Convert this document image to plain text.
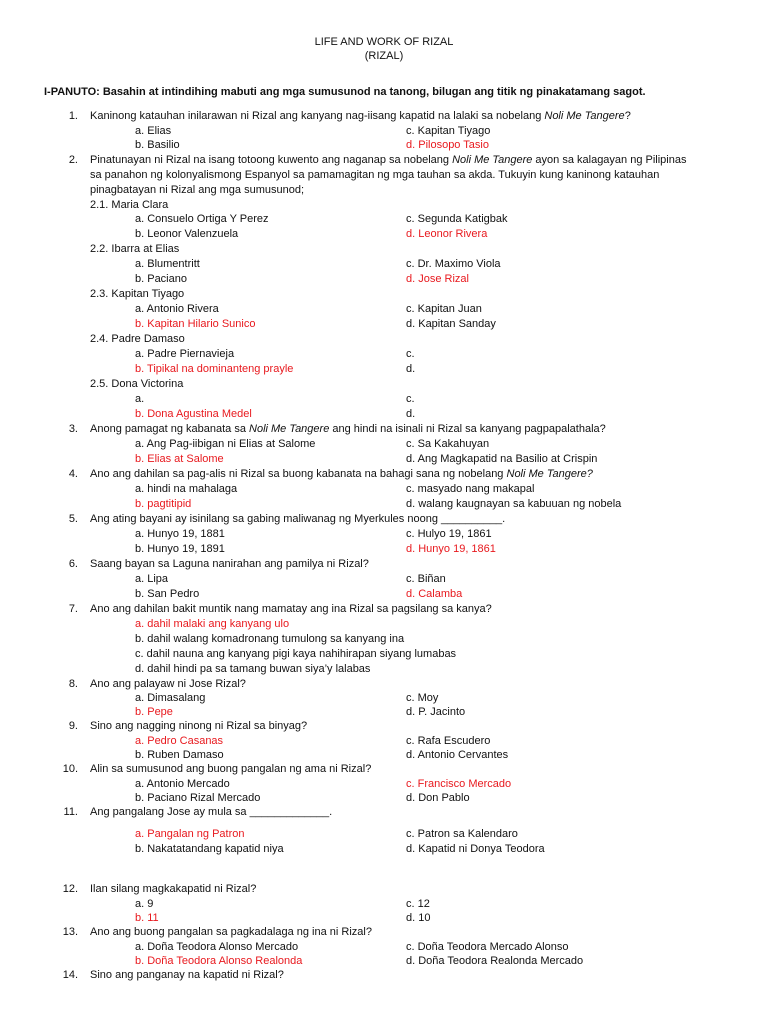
LIFE AND WORK OF RIZAL
(RIZAL)
I-PANUTO: Basahin at intindihing mabuti ang mga sumusunod na tanong, bilugan ang titik ng pinakatamang sagot.
1. Kaninong katauhan inilarawan ni Rizal ang kanyang nag-iisang kapatid na lalaki sa nobelang Noli Me Tangere?
a. Elias
b. Basilio
c. Kapitan Tiyago
d. Pilosopo Tasio
2. Pinatunayan ni Rizal na isang totoong kuwento ang naganap sa nobelang Noli Me Tangere ayon sa kalagayan ng Pilipinas
sa panahon ng kolonyalismong Espanyol sa pamamagitan ng mga tauhan sa akda. Tukuyin kung kaninong katauhan
pinagbatayan ni Rizal ang mga sumusunod;
2.1. Maria Clara
a. Consuelo Ortiga Y Perez
b. Leonor Valenzuela
c. Segunda Katigbak
d. Leonor Rivera
2.2. Ibarra at Elias
a. Blumentritt
b. Paciano
c. Dr. Maximo Viola
d. Jose Rizal
2.3. Kapitan Tiyago
a. Antonio Rivera
b. Kapitan Hilario Sunico
c. Kapitan Juan
d. Kapitan Sanday
2.4. Padre Damaso
a. Padre Piernavieja
b. Tipikal na dominanteng prayle
c.
d.
2.5. Dona Victorina
a.
b. Dona Agustina Medel
c.
d.
3. Anong pamagat ng kabanata sa Noli Me Tangere ang hindi na isinali ni Rizal sa kanyang pagpapalathala?
a. Ang Pag-iibigan ni Elias at Salome
b. Elias at Salome
c. Sa Kakahuyan
d. Ang Magkapatid na Basilio at Crispin
4. Ano ang dahilan sa pag-alis ni Rizal sa buong kabanata na bahagi sana ng nobelang Noli Me Tangere?
a. hindi na mahalaga
b. pagtitipid
c. masyado nang makapal
d. walang kaugnayan sa kabuuan ng nobela
5. Ang ating bayani ay isinilang sa gabing maliwanag ng Myerkules noong __________.
a. Hunyo 19, 1881
b. Hunyo 19, 1891
c. Hulyo 19, 1861
d. Hunyo 19, 1861
6. Saang bayan sa Laguna nanirahan ang pamilya ni Rizal?
a. Lipa
b. San Pedro
c. Biñan
d. Calamba
7. Ano ang dahilan bakit muntik nang mamatay ang ina Rizal sa pagsilang sa kanya?
a. dahil malaki ang kanyang ulo
b. dahil walang komadronang tumulong sa kanyang ina
c. dahil nauna ang kanyang pigi kaya nahihirapan siyang lumabas
d. dahil hindi pa sa tamang buwan siya’y lalabas
8. Ano ang palayaw ni Jose Rizal?
a. Dimasalang
b. Pepe
c. Moy
d. P. Jacinto
9. Sino ang nagging ninong ni Rizal sa binyag?
a. Pedro Casanas
b. Ruben Damaso
c. Rafa Escudero
d. Antonio Cervantes
10. Alin sa sumusunod ang buong pangalan ng ama ni Rizal?
a. Antonio Mercado
b. Paciano Rizal Mercado
c. Francisco Mercado
d. Don Pablo
11. Ang pangalang Jose ay mula sa _____________.
a. Pangalan ng Patron
b. Nakatatandang kapatid niya
c. Patron sa Kalendaro
d. Kapatid ni Donya Teodora
12. Ilan silang magkakapatid ni Rizal?
a. 9
b. 11
c. 12
d. 10
13. Ano ang buong pangalan sa pagkadalaga ng ina ni Rizal?
a. Doña Teodora Alonso Mercado
b. Doña Teodora Alonso Realonda
c. Doña Teodora Mercado Alonso
d. Doña Teodora Realonda Mercado
14. Sino ang panganay na kapatid ni Rizal?
